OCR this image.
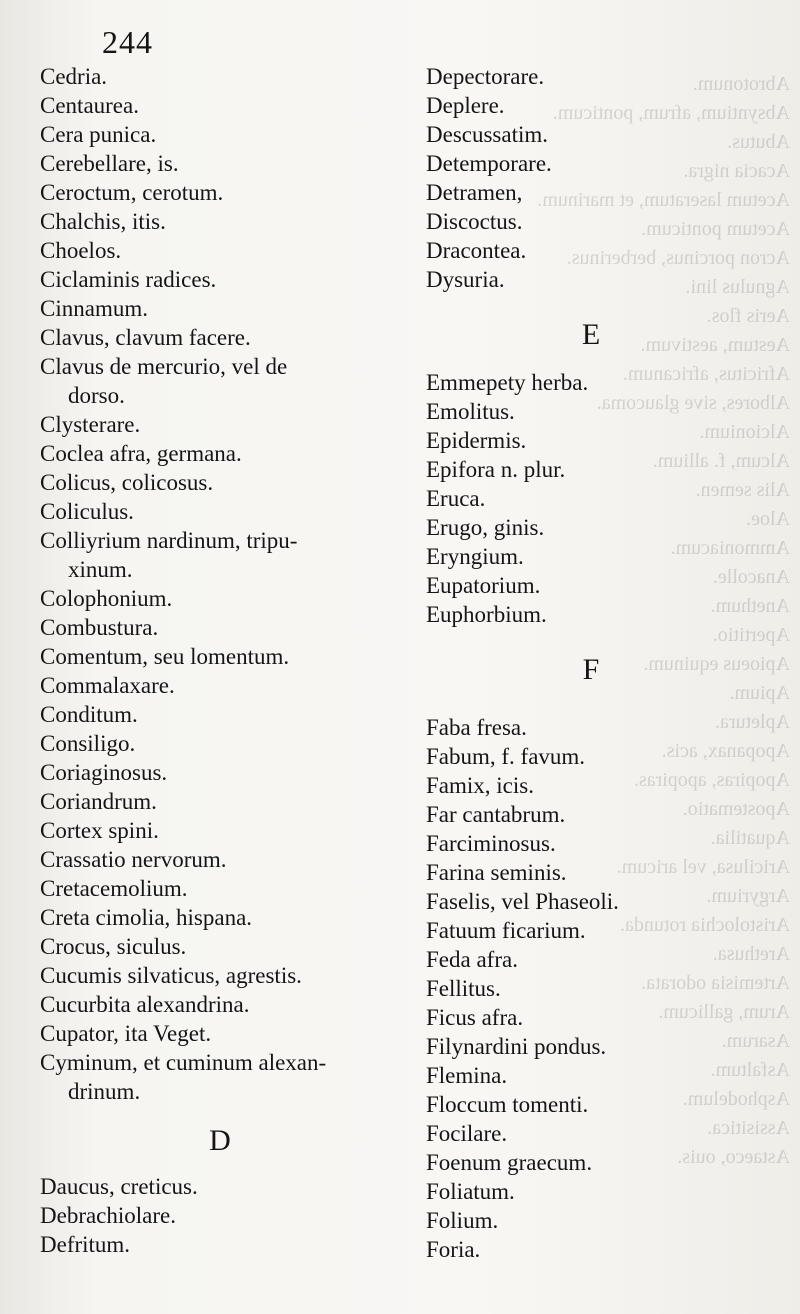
Abrotonum.
Absyntium, afrum, ponticum.
Abutus.
Acacia nigra.
Acetum laseratum, et marinum.
Acetum ponticum.
Acron porcinus, berberinus.
Agnulus lini.
Aeris flos.
Aestum, aestivum.
Africitus, africanum.
Albores, sive glaucoma.
Alcionium.
Alcum, f. allium.
Alis semen.
Aloe.
Ammoniacum.
Anacolle.
Anethum.
Apertitio.
Apioeus equinum.
Apium.
Apletura.
Apopanax, acis.
Apopiras, apopiras.
Apostematio.
Aquatilia.
Aricilusa, vel aricum.
Argyrium.
Aristolochia rotunda.
Arethusa.
Artemisia odorata.
Arum, gallicum.
Asarum.
Asfaltum.
Asphodelum.
Assisitica.
Astaeco, ouis.
244
Cedria.
Centaurea.
Cera punica.
Cerebellare, is.
Ceroctum, cerotum.
Chalchis, itis.
Choelos.
Ciclaminis radices.
Cinnamum.
Clavus, clavum facere.
Clavus de mercurio, vel de
dorso.
Clysterare.
Coclea afra, germana.
Colicus, colicosus.
Coliculus.
Colliyrium nardinum, tripu-
xinum.
Colophonium.
Combustura.
Comentum, seu lomentum.
Commalaxare.
Conditum.
Consiligo.
Coriaginosus.
Coriandrum.
Cortex spini.
Crassatio nervorum.
Cretacemolium.
Creta cimolia, hispana.
Crocus, siculus.
Cucumis silvaticus, agrestis.
Cucurbita alexandrina.
Cupator, ita Veget.
Cyminum, et cuminum alexan-
drinum.
D
Daucus, creticus.
Debrachiolare.
Defritum.
Depectorare.
Deplere.
Descussatim.
Detemporare.
Detramen,
Discoctus.
Dracontea.
Dysuria.
E
Emmepety herba.
Emolitus.
Epidermis.
Epifora n. plur.
Eruca.
Erugo, ginis.
Eryngium.
Eupatorium.
Euphorbium.
F
Faba fresa.
Fabum, f. favum.
Famix, icis.
Far cantabrum.
Farciminosus.
Farina seminis.
Faselis, vel Phaseoli.
Fatuum ficarium.
Feda afra.
Fellitus.
Ficus afra.
Filynardini pondus.
Flemina.
Floccum tomenti.
Focilare.
Foenum graecum.
Foliatum.
Folium.
Foria.
